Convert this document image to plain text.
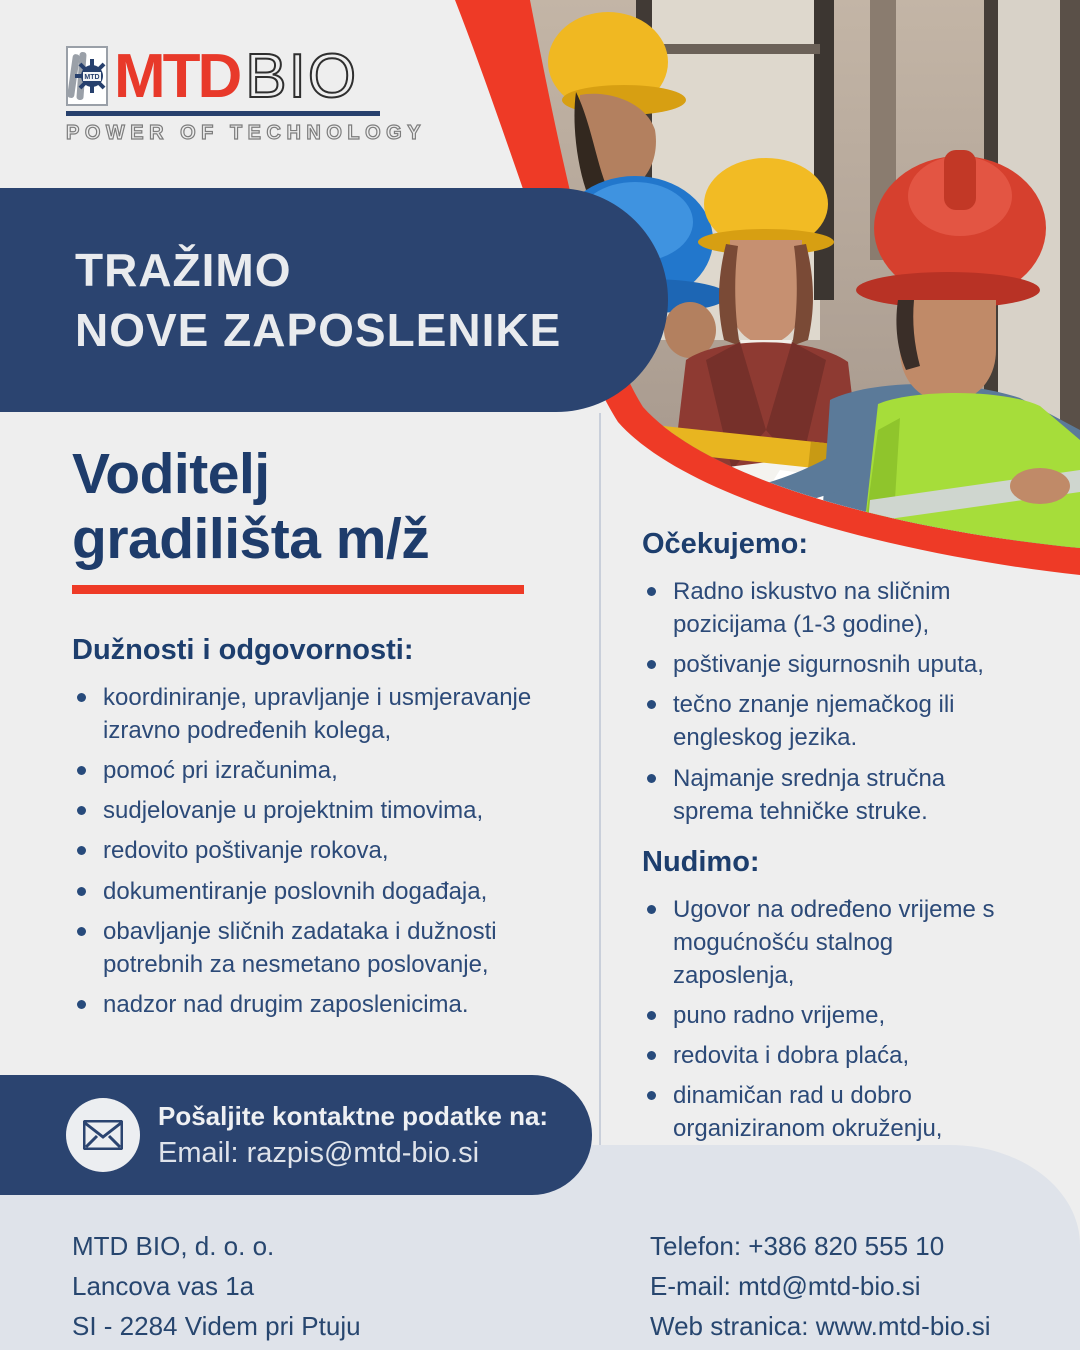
MTD MTD BIO
POWER OF TECHNOLOGY
TRAŽIMO
NOVE ZAPOSLENIKE
Voditelj
gradilišta m/ž
Dužnosti i odgovornosti:
koordiniranje, upravljanje i usmjeravanje izravno podređenih kolega,
pomoć pri izračunima,
sudjelovanje u projektnim timovima,
redovito poštivanje rokova,
dokumentiranje poslovnih događaja,
obavljanje sličnih zadataka i dužnosti potrebnih za nesmetano poslovanje,
nadzor nad drugim zaposlenicima.
Očekujemo:
Radno iskustvo na sličnim pozicijama (1-3 godine),
poštivanje sigurnosnih uputa,
tečno znanje njemačkog ili engleskog jezika.
Najmanje srednja stručna sprema tehničke struke.
Nudimo:
Ugovor na određeno vrijeme s mogućnošću stalnog zaposlenja,
puno radno vrijeme,
redovita i dobra plaća,
dinamičan rad u dobro organiziranom okruženju,
Pošaljite kontaktne podatke na:
Email: razpis@mtd-bio.si
MTD BIO, d. o. o.
Lancova vas 1a
SI - 2284 Videm pri Ptuju
Telefon: +386 820 555 10
E-mail: mtd@mtd-bio.si
Web stranica: www.mtd-bio.si
